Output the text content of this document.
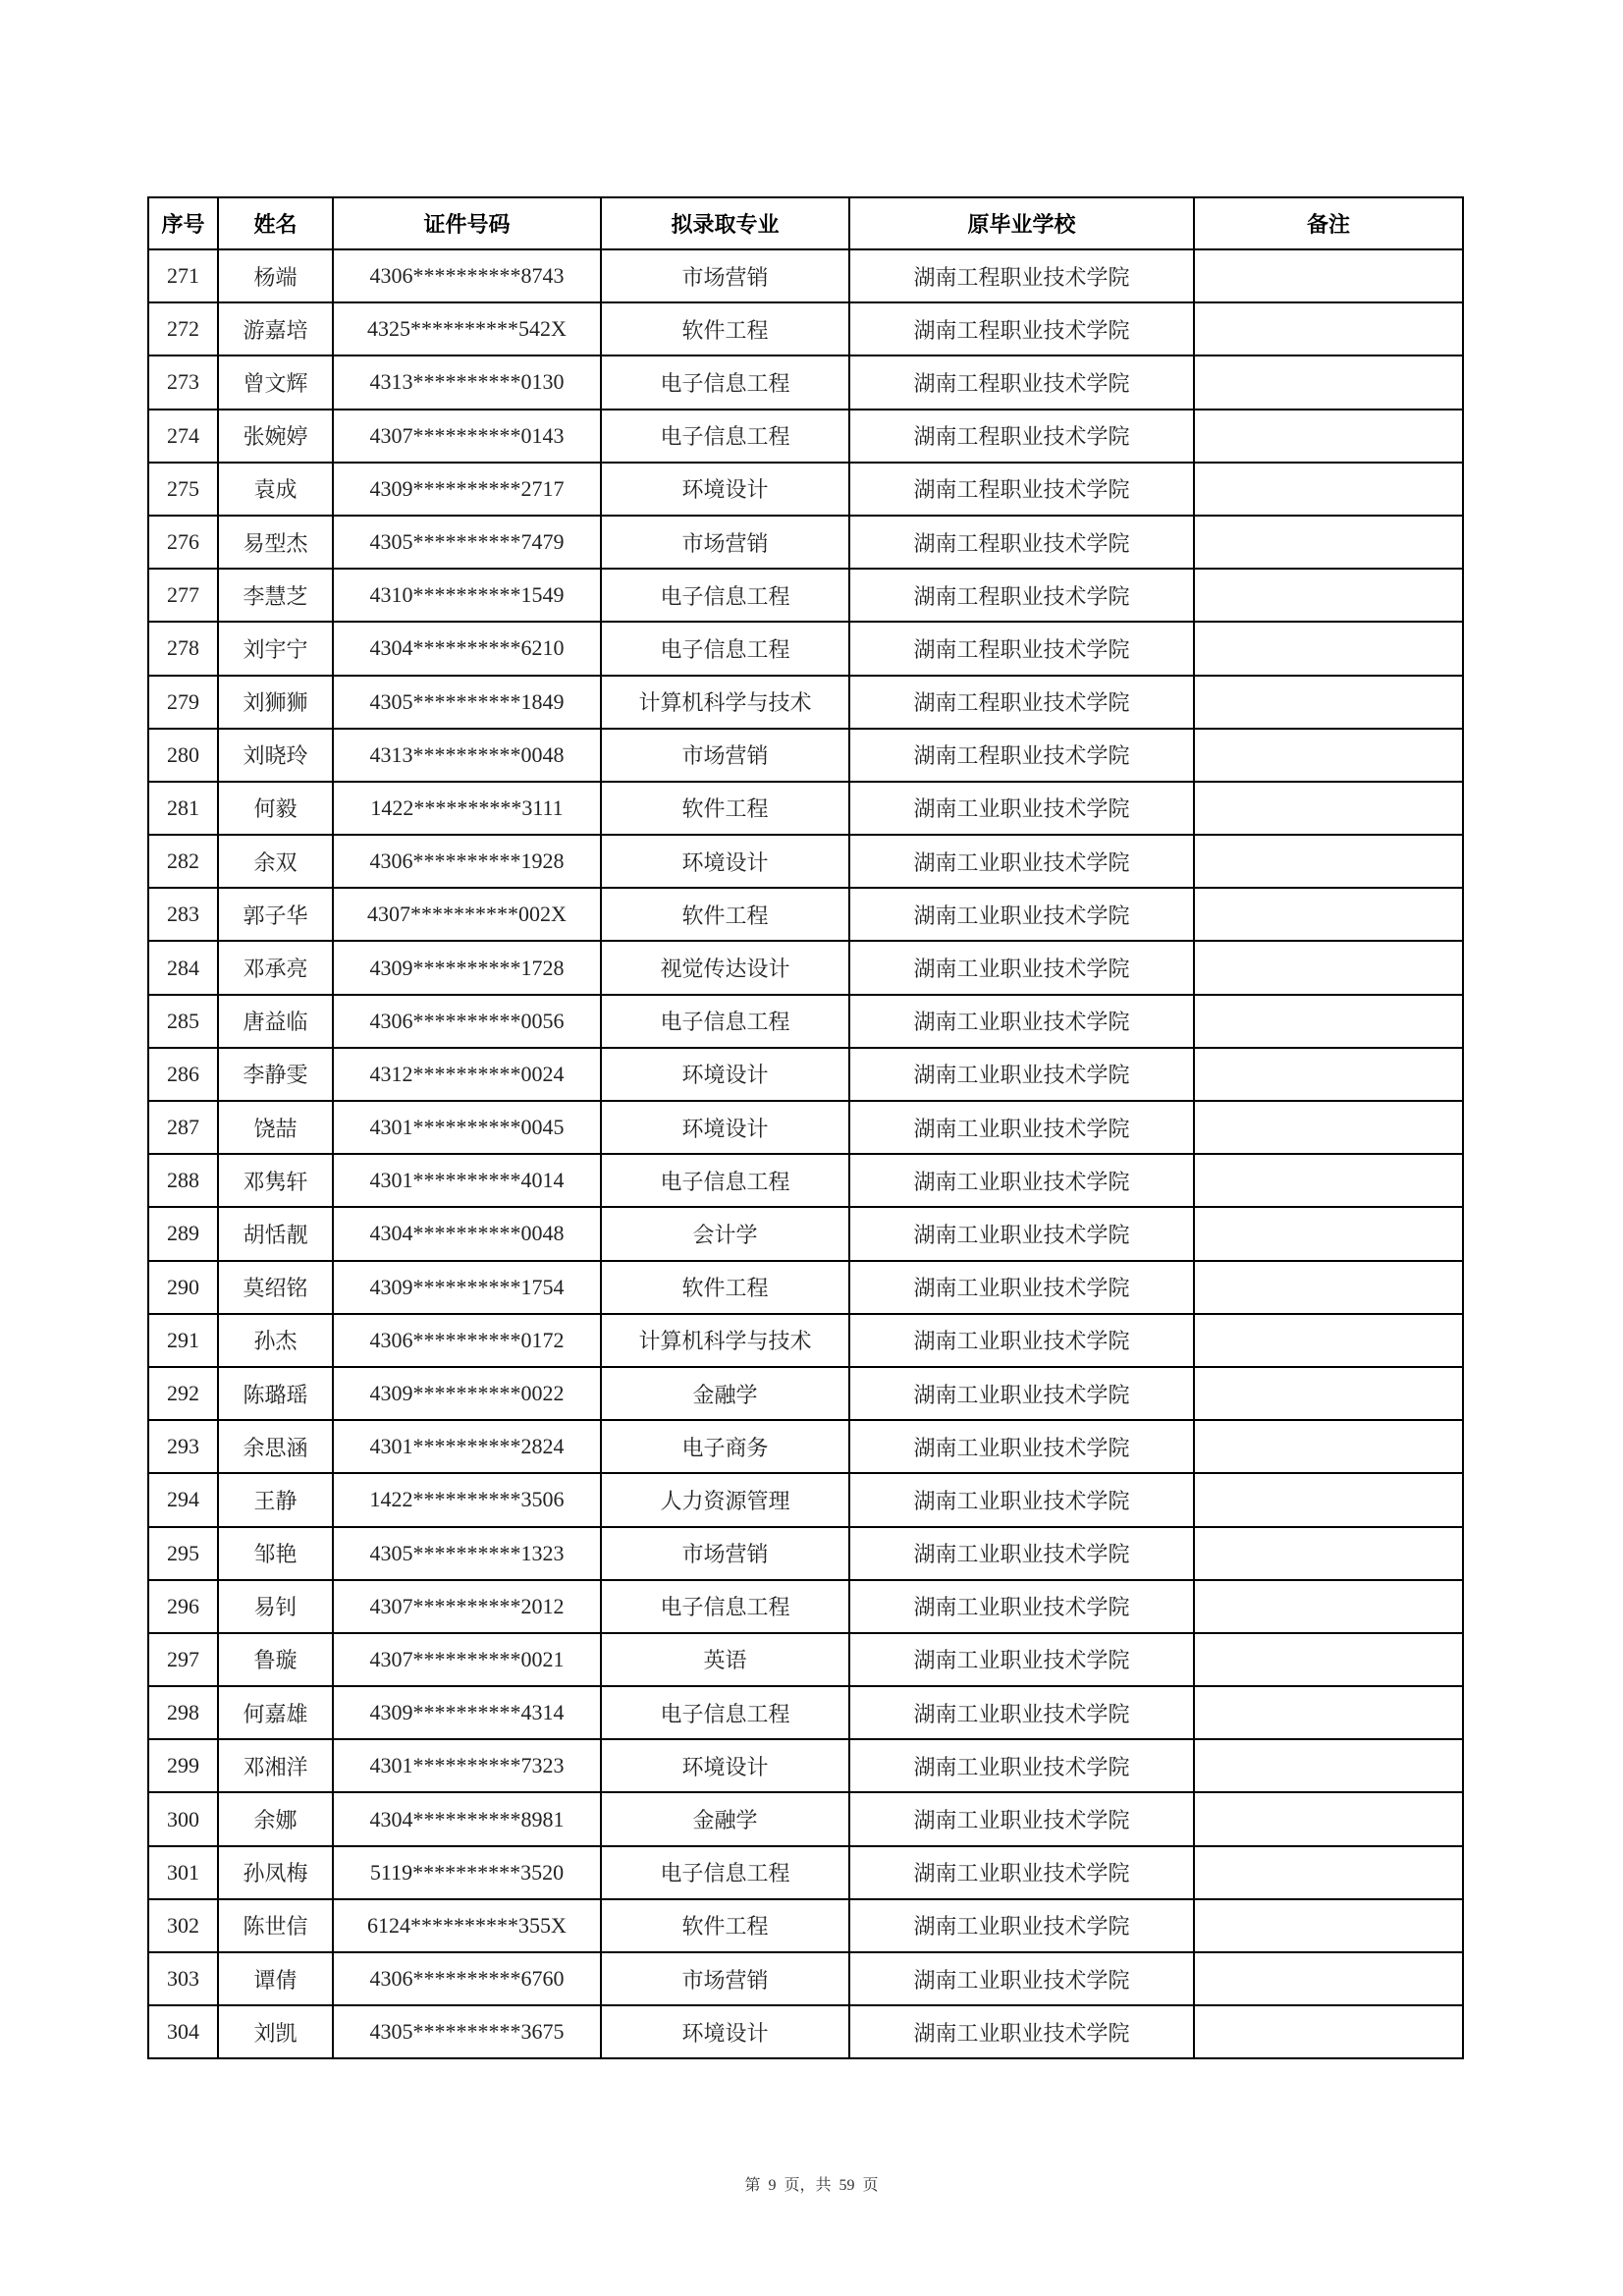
序号	姓名	证件号码	拟录取专业	原毕业学校	备注
271	杨端	4306**********8743	市场营销	湖南工程职业技术学院	
272	游嘉培	4325**********542X	软件工程	湖南工程职业技术学院	
273	曾文辉	4313**********0130	电子信息工程	湖南工程职业技术学院	
274	张婉婷	4307**********0143	电子信息工程	湖南工程职业技术学院	
275	袁成	4309**********2717	环境设计	湖南工程职业技术学院	
276	易型杰	4305**********7479	市场营销	湖南工程职业技术学院	
277	李慧芝	4310**********1549	电子信息工程	湖南工程职业技术学院	
278	刘宇宁	4304**********6210	电子信息工程	湖南工程职业技术学院	
279	刘狮狮	4305**********1849	计算机科学与技术	湖南工程职业技术学院	
280	刘晓玲	4313**********0048	市场营销	湖南工程职业技术学院	
281	何毅	1422**********3111	软件工程	湖南工业职业技术学院	
282	余双	4306**********1928	环境设计	湖南工业职业技术学院	
283	郭子华	4307**********002X	软件工程	湖南工业职业技术学院	
284	邓承亮	4309**********1728	视觉传达设计	湖南工业职业技术学院	
285	唐益临	4306**********0056	电子信息工程	湖南工业职业技术学院	
286	李静雯	4312**********0024	环境设计	湖南工业职业技术学院	
287	饶喆	4301**********0045	环境设计	湖南工业职业技术学院	
288	邓隽轩	4301**********4014	电子信息工程	湖南工业职业技术学院	
289	胡恬靓	4304**********0048	会计学	湖南工业职业技术学院	
290	莫绍铭	4309**********1754	软件工程	湖南工业职业技术学院	
291	孙杰	4306**********0172	计算机科学与技术	湖南工业职业技术学院	
292	陈璐瑶	4309**********0022	金融学	湖南工业职业技术学院	
293	余思涵	4301**********2824	电子商务	湖南工业职业技术学院	
294	王静	1422**********3506	人力资源管理	湖南工业职业技术学院	
295	邹艳	4305**********1323	市场营销	湖南工业职业技术学院	
296	易钊	4307**********2012	电子信息工程	湖南工业职业技术学院	
297	鲁璇	4307**********0021	英语	湖南工业职业技术学院	
298	何嘉雄	4309**********4314	电子信息工程	湖南工业职业技术学院	
299	邓湘洋	4301**********7323	环境设计	湖南工业职业技术学院	
300	余娜	4304**********8981	金融学	湖南工业职业技术学院	
301	孙凤梅	5119**********3520	电子信息工程	湖南工业职业技术学院	
302	陈世信	6124**********355X	软件工程	湖南工业职业技术学院	
303	谭倩	4306**********6760	市场营销	湖南工业职业技术学院	
304	刘凯	4305**********3675	环境设计	湖南工业职业技术学院	
第 9 页，共 59 页
